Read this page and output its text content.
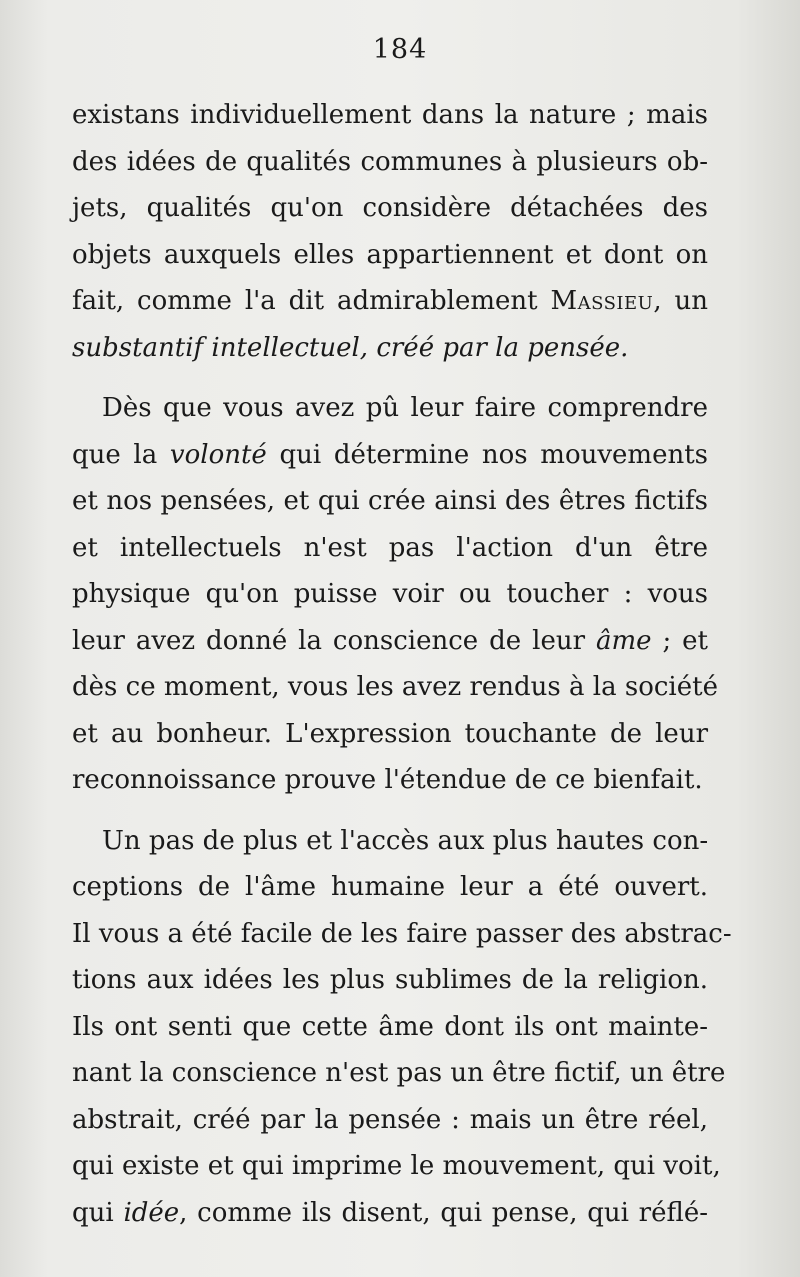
184
existans individuellement dans la nature ; mais
des idées de qualités communes à plusieurs ob-
jets, qualités qu'on considère détachées des
objets auxquels elles appartiennent et dont on
fait, comme l'a dit admirablement Massieu, un
substantif intellectuel, créé par la pensée.
Dès que vous avez pû leur faire comprendre
que la volonté qui détermine nos mouvements
et nos pensées, et qui crée ainsi des êtres fictifs
et intellectuels n'est pas l'action d'un être
physique qu'on puisse voir ou toucher : vous
leur avez donné la conscience de leur âme ; et
dès ce moment, vous les avez rendus à la société
et au bonheur. L'expression touchante de leur
reconnoissance prouve l'étendue de ce bienfait.
Un pas de plus et l'accès aux plus hautes con-
ceptions de l'âme humaine leur a été ouvert.
Il vous a été facile de les faire passer des abstrac-
tions aux idées les plus sublimes de la religion.
Ils ont senti que cette âme dont ils ont mainte-
nant la conscience n'est pas un être fictif, un être
abstrait, créé par la pensée : mais un être réel,
qui existe et qui imprime le mouvement, qui voit,
qui idée, comme ils disent, qui pense, qui réflé-
